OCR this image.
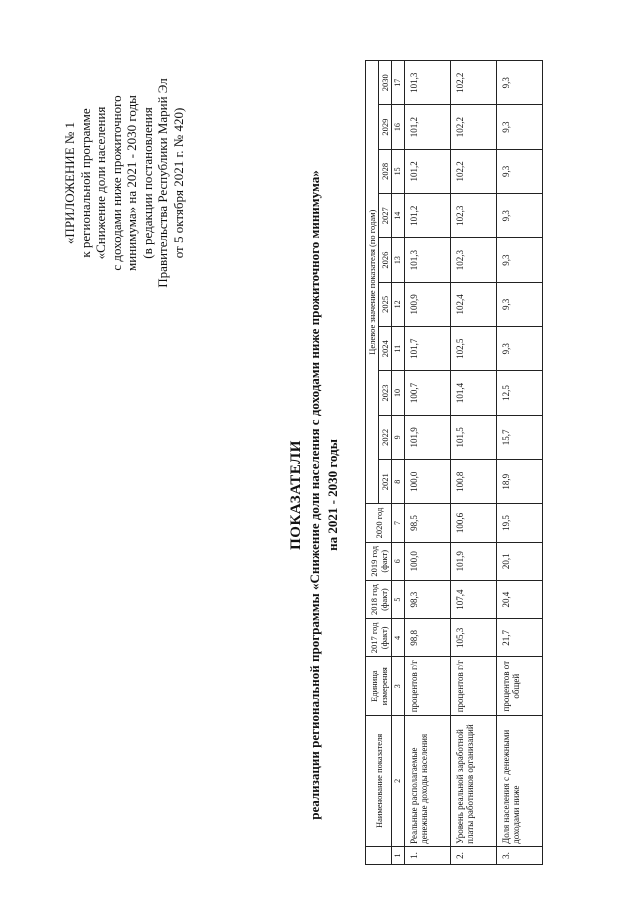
«ПРИЛОЖЕНИЕ № 1 к региональной программе «Снижение доли населения с доходами ниже прожиточного минимума» на 2021 - 2030 годы (в редакции постановления Правительства Республики Марий Эл от 5 октября 2021 г. № 420)
ПОКАЗАТЕЛИ реализации региональной программы «Снижение доли населения с доходами ниже прожиточного минимума» на 2021 - 2030 годы
	Наименование показателя	Единица измерения	2017 год (факт)	2018 год (факт)	2019 год (факт)	2020 год	Целевое значение показателя (по годам)									
							2021	2022	2023	2024	2025	2026	2027	2028	2029	2030
1	2	3	4	5	6	7	8	9	10	11	12	13	14	15	16	17
1.	Реальные располагаемые денежные доходы населения	процентов г/г	98,8	98,3	100,0	98,5	100,0	101,9	100,7	101,7	100,9	101,3	101,2	101,2	101,2	101,3
2.	Уровень реальной заработной платы работников организаций	процентов г/г	105,3	107,4	101,9	100,6	100,8	101,5	101,4	102,5	102,4	102,3	102,3	102,2	102,2	102,2
3.	Доля населения с денежными доходами ниже	процентов от общей	21,7	20,4	20,1	19,5	18,9	15,7	12,5	9,3	9,3	9,3	9,3	9,3	9,3	9,3
